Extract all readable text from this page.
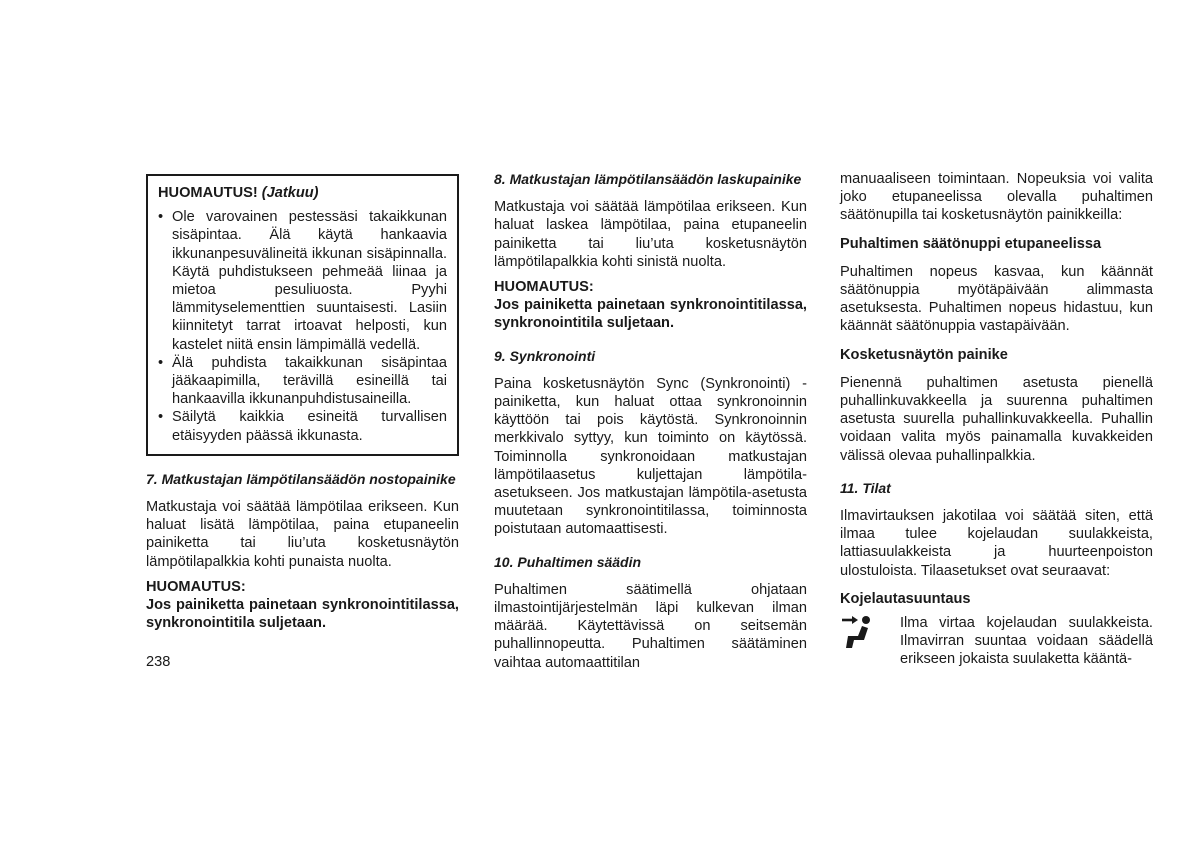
HUOMAUTUS! (Jatkuu)

• Ole varovainen pestessäsi takaikkunan sisäpintaa. Älä käytä hankaavia ikkunanpesuvälineitä ikkunan sisäpinnalla. Käytä puhdistukseen pehmeää liinaa ja mietoa pesuliuosta. Pyyhi lämmityselementtien suuntaisesti. Lasiin kiinnitetyt tarrat irtoavat helposti, kun kastelet niitä ensin lämpimällä vedellä.
• Älä puhdista takaikkunan sisäpintaa jääkaapimilla, terävillä esineillä tai hankaavilla ikkunanpuhdistusaineilla.
• Säilytä kaikkia esineitä turvallisen etäisyyden päässä ikkunasta.

7. Matkustajan lämpötilansäädön nostopainike

Matkustaja voi säätää lämpötilaa erikseen. Kun haluat lisätä lämpötilaa, paina etupaneelin painiketta tai liu’uta kosketusnäytön lämpötilapalkkia kohti punaista nuolta.

HUOMAUTUS:

Jos painiketta painetaan synkronointitilassa, synkronointitila suljetaan.

8. Matkustajan lämpötilansäädön laskupainike

Matkustaja voi säätää lämpötilaa erikseen. Kun haluat laskea lämpötilaa, paina etupaneelin painiketta tai liu’uta kosketusnäytön lämpötilapalkkia kohti sinistä nuolta.

HUOMAUTUS:

Jos painiketta painetaan synkronointitilassa, synkronointitila suljetaan.

9. Synkronointi

Paina kosketusnäytön Sync (Synkronointi) -painiketta, kun haluat ottaa synkronoinnin käyttöön tai pois käytöstä. Synkronoinnin merkkivalo syttyy, kun toiminto on käytössä. Toiminnolla synkronoidaan matkustajan lämpötilaasetus kuljettajan lämpötila-asetukseen. Jos matkustajan lämpötila-asetusta muutetaan synkronointitilassa, toiminnosta poistutaan automaattisesti.

10. Puhaltimen säädin

Puhaltimen säätimellä ohjataan ilmastointijärjestelmän läpi kulkevan ilman määrää. Käytettävissä on seitsemän puhallinnopeutta. Puhaltimen säätäminen vaihtaa automaattitilan

manuaaliseen toimintaan. Nopeuksia voi valita joko etupaneelissa olevalla puhaltimen säätönupilla tai kosketusnäytön painikkeilla:

Puhaltimen säätönuppi etupaneelissa

Puhaltimen nopeus kasvaa, kun käännät säätönuppia myötäpäivään alimmasta asetuksesta. Puhaltimen nopeus hidastuu, kun käännät säätönuppia vastapäivään.

Kosketusnäytön painike

Pienennä puhaltimen asetusta pienellä puhallinkuvakkeella ja suurenna puhaltimen asetusta suurella puhallinkuvakkeella. Puhallin voidaan valita myös painamalla kuvakkeiden välissä olevaa puhallinpalkkia.

11. Tilat

Ilmavirtauksen jakotilaa voi säätää siten, että ilmaa tulee kojelaudan suulakkeista, lattiasuulakkeista ja huurteenpoiston ulostuloista. Tilaasetukset ovat seuraavat:

Kojelautasuuntaus

Ilma virtaa kojelaudan suulakkeista. Ilmavirran suuntaa voidaan säädellä erikseen jokaista suulaketta kääntä-

238
